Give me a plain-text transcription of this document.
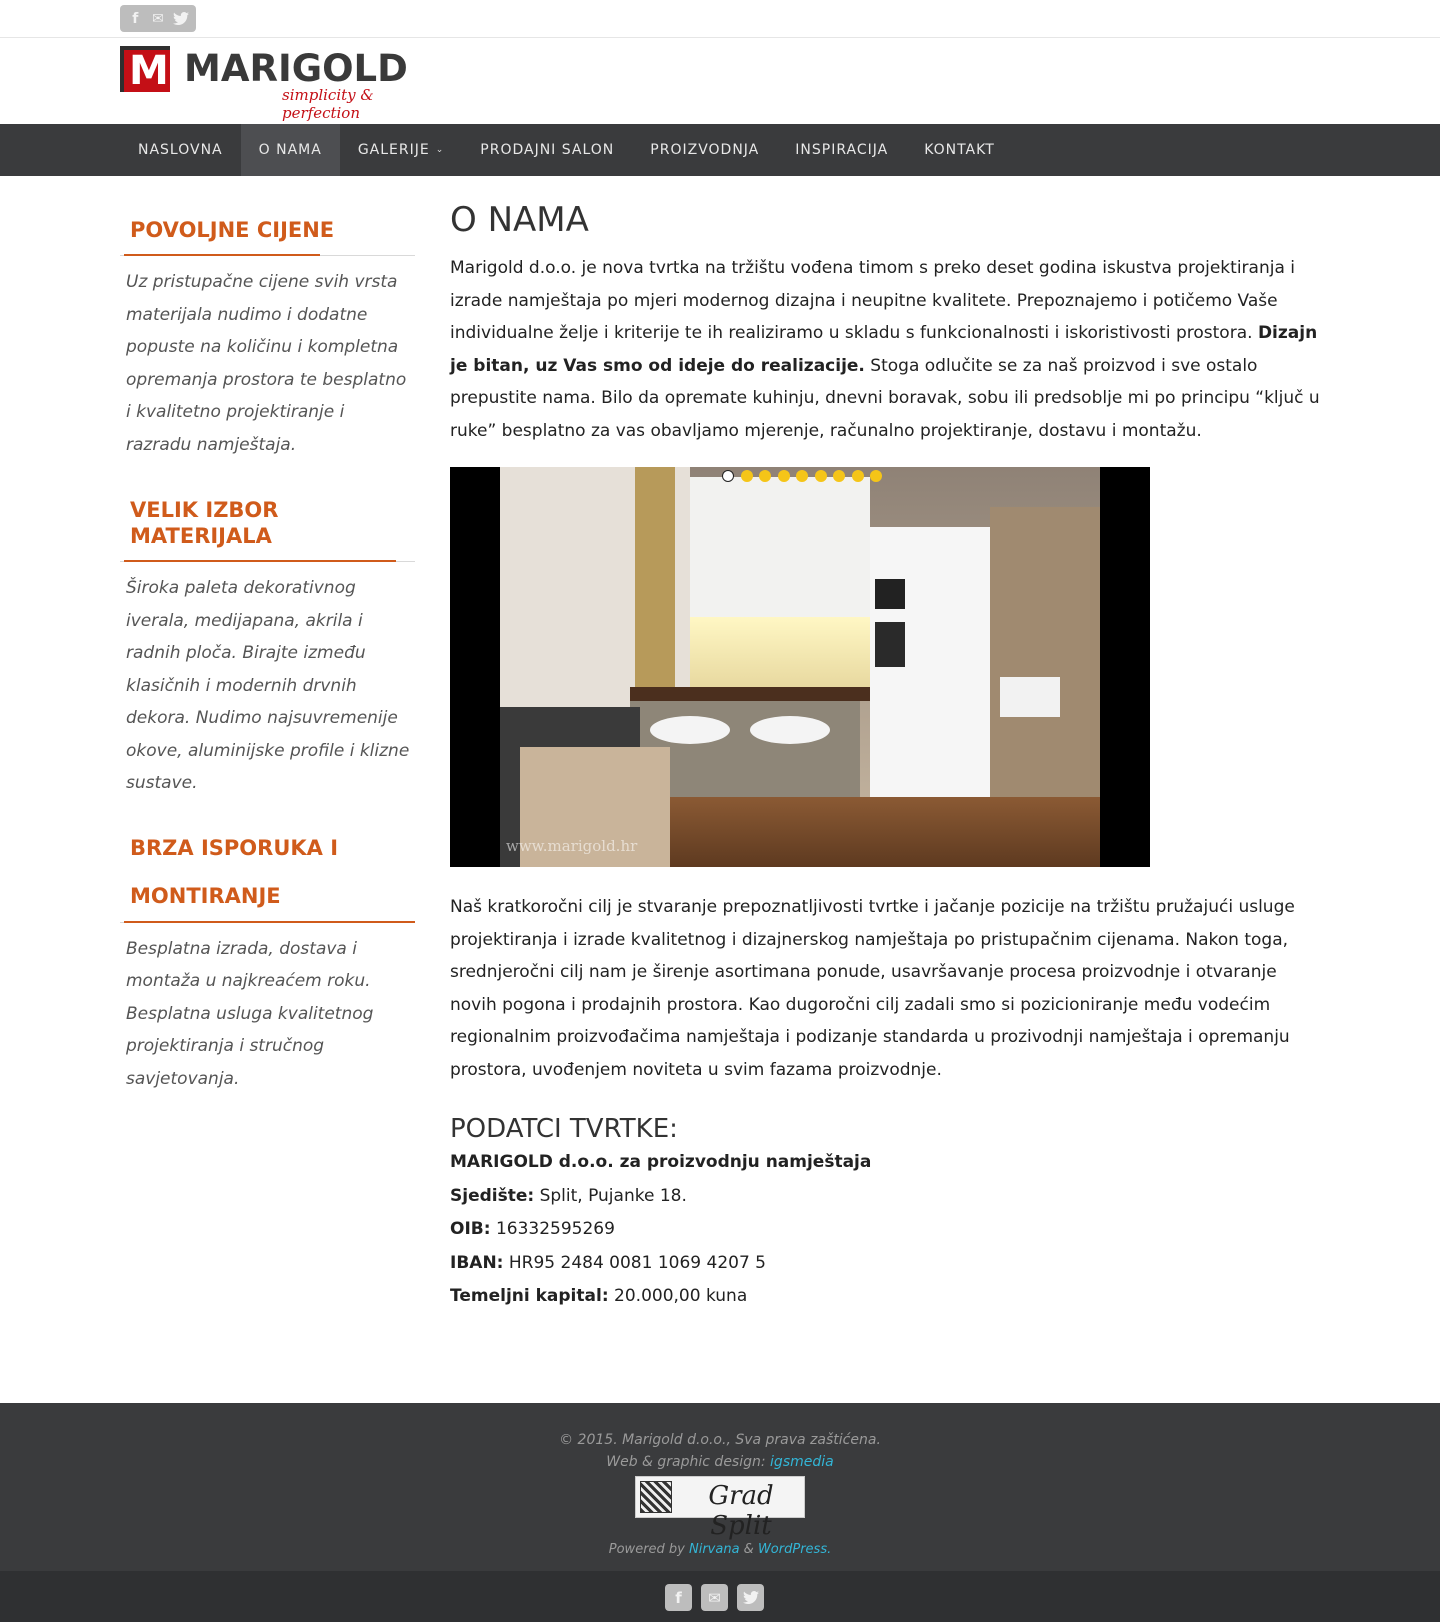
f ✉
M MARIGOLD
simplicity & perfection
NASLOVNA	O NAMA	GALERIJE ⌄	PRODAJNI SALON	PROIZVODNJA	INSPIRACIJA	KONTAKT
POVOLJNE CIJENE

Uz pristupačne cijene svih vrsta materijala nudimo i dodatne popuste na količinu i kompletna opremanja prostora te besplatno i kvalitetno projektiranje i razradu namještaja.

VELIK IZBOR MATERIJALA

Široka paleta dekorativnog iverala, medijapana, akrila i radnih ploča. Birajte između klasičnih i modernih drvnih dekora. Nudimo najsuvremenije okove, aluminijske profile i klizne sustave.

BRZA ISPORUKA I MONTIRANJE

Besplatna izrada, dostava i montaža u najkreaćem roku. Besplatna usluga kvalitetnog projektiranja i stručnog savjetovanja.

O NAMA

Marigold d.o.o. je nova tvrtka na tržištu vođena timom s preko deset godina iskustva projektiranja i izrade namještaja po mjeri modernog dizajna i neupitne kvalitete. Prepoznajemo i potičemo Vaše individualne želje i kriterije te ih realiziramo u skladu s funkcionalnosti i iskoristivosti prostora. Dizajn je bitan, uz Vas smo od ideje do realizacije. Stoga odlučite se za naš proizvod i sve ostalo prepustite nama. Bilo da opremate kuhinju, dnevni boravak, sobu ili predsoblje mi po principu “ključ u ruke” besplatno za vas obavljamo mjerenje, računalno projektiranje, dostavu i montažu.

www.marigold.hr

Naš kratkoročni cilj je stvaranje prepoznatljivosti tvrtke i jačanje pozicije na tržištu pružajući usluge projektiranja i izrade kvalitetnog i dizajnerskog namještaja po pristupačnim cijenama. Nakon toga, srednjeročni cilj nam je širenje asortimana ponude, usavršavanje procesa proizvodnje i otvaranje novih pogona i prodajnih prostora. Kao dugoročni cilj zadali smo si pozicioniranje među vodećim regionalnim proizvođačima namještaja i podizanje standarda u prozivodnji namještaja i opremanju prostora, uvođenjem noviteta u svim fazama proizvodnje.

PODATCI TVRTKE:
MARIGOLD d.o.o. za proizvodnju namještaja
Sjedište: Split, Pujanke 18.
OIB: 16332595269
IBAN: HR95 2484 0081 1069 4207 5
Temeljni kapital: 20.000,00 kuna
© 2015. Marigold d.o.o., Sva prava zaštićena.
Web & graphic design: igsmedia
Grad Split
Powered by Nirvana & WordPress.
f	✉
